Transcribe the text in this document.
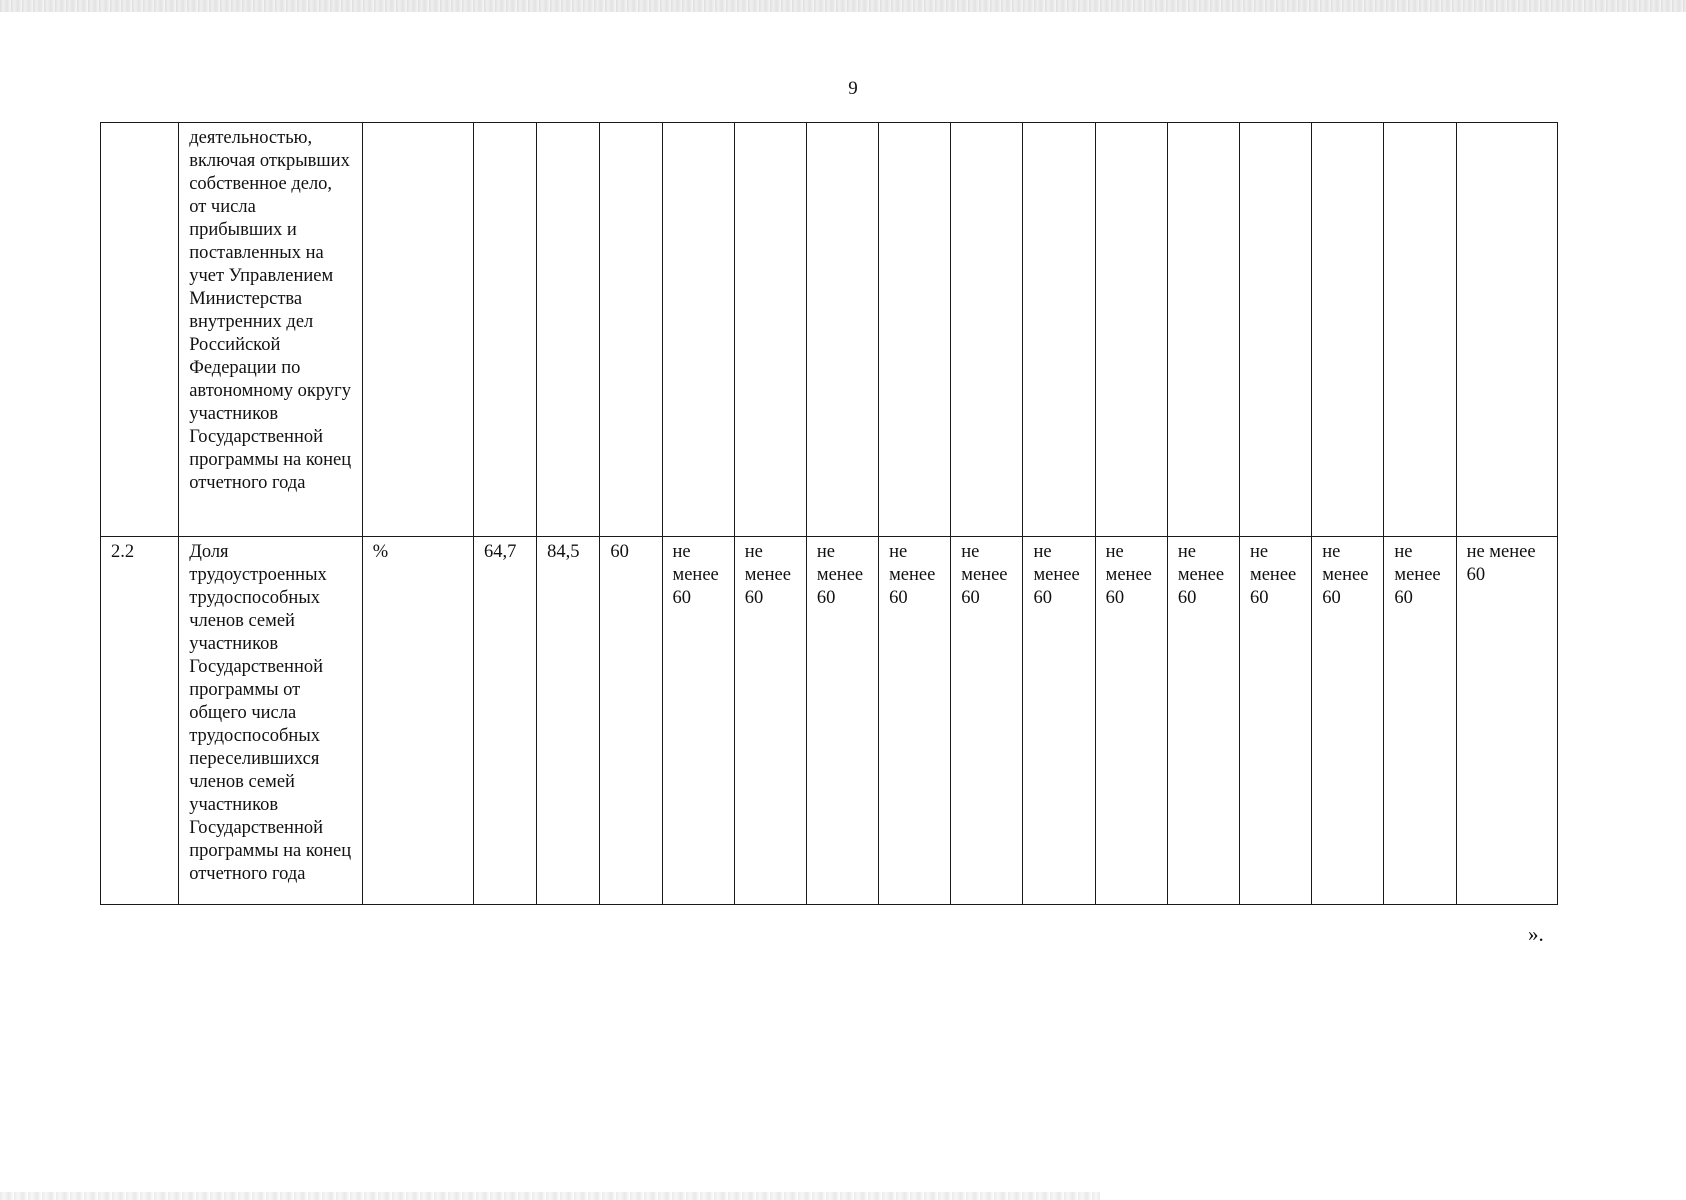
9
	деятельностью, включая открывших собственное дело, от числа прибывших и поставленных на учет Управлением Министерства внутренних дел Российской Федерации по автономному округу участников Государственной программы на конец отчетного года																
2.2	Доля трудоустроенных трудоспособных членов семей участников Государственной программы от общего числа трудоспособных переселившихся членов семей участников Государственной программы на конец отчетного года	%	64,7	84,5	60	не менее 60	не менее 60	не менее 60	не менее 60	не менее 60	не менее 60	не менее 60	не менее 60	не менее 60	не менее 60	не менее 60	не менее 60
».
